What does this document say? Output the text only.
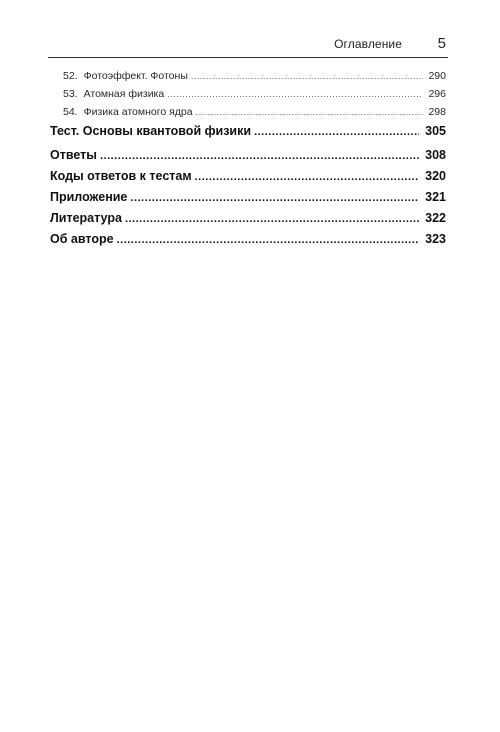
Оглавление 5
52. Фотоэффект. Фотоны .....	290
53. Атомная физика .....	296
54. Физика атомного ядра .....	298
Тест. Основы квантовой физики .....	305
Ответы .....	308
Коды ответов к тестам .....	320
Приложение .....	321
Литература .....	322
Об авторе .....	323
